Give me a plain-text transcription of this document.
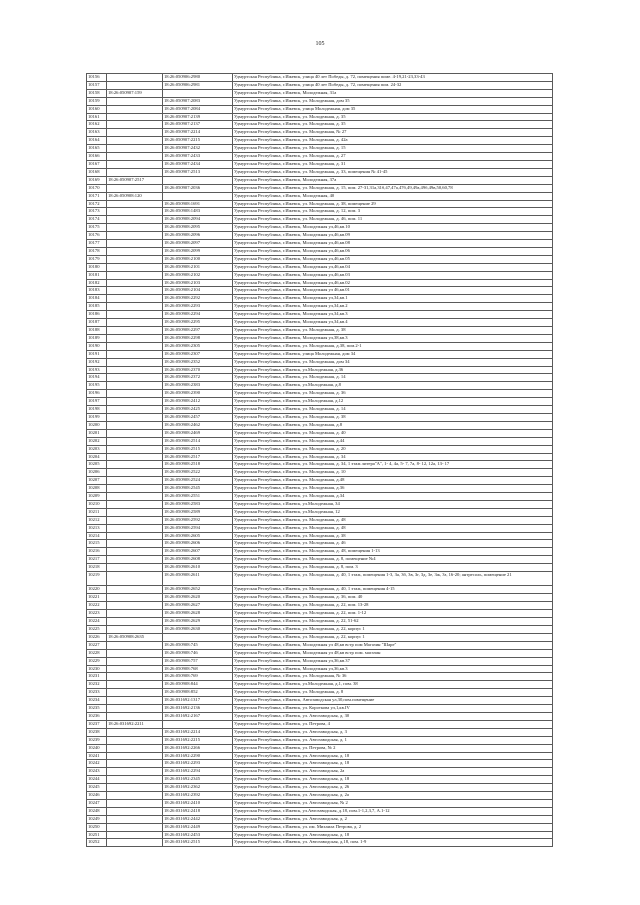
105
10156		18:26:050906:2980	Удмуртская Республика, г.Ижевск, улица 40 лет Победы, д. 72, помещения поме. 4-19,21-23,33-43
10157		18:26:050906:2981	Удмуртская Республика, г.Ижевск, улица 40 лет Победы, д. 72, помещения пом. 24-32
10158	18:26:050907:159		Удмуртская Республика, г.Ижевск, Молодежная, 31а
10159		18:26:050907:2083	Удмуртская Республика, г.Ижевск, ул. Молодежная, дом 35
10160		18:26:050907:2084	Удмуртская Республика, г.Ижевск, улица Молодежная, дом 35
10161		18:26:050907:2139	Удмуртская Республика, г.Ижевск, ул. Молодежная, д. 35
10162		18:26:050907:2137	Удмуртская Республика, г.Ижевск, ул. Молодежная, д. 35
10163		18:26:050907:2214	Удмуртская Республика, г.Ижевск, ул. Молодежная, № 27
10164		18:26:050907:2215	Удмуртская Республика, г.Ижевск, ул. Молодежная, д. 42а
10165		18:26:050907:2432	Удмуртская Республика, г.Ижевск, ул. Молодежная, д. 15
10166		18:26:050907:2433	Удмуртская Республика, г.Ижевск, ул. Молодежная, д. 27
10167		18:26:050907:2434	Удмуртская Республика, г.Ижевск, ул. Молодежная, д. 31
10168		18:26:050907:2513	Удмуртская Республика, г.Ижевск, ул. Молодежная, д. 33, помещения № 41-45
10169	18:26:050907:2517		Удмуртская Республика, г.Ижевск, Молодежная, 37а
10170		18:26:050907:2036	Удмуртская Республика, г.Ижевск, ул. Молодежная, д. 15, пом. 27-31,31а,31б,47,47а,47б,49,49а,49б,49в,50,60,78
10171	18:26:050908:120		Удмуртская Республика, г.Ижевск, Молодежная, 40
10172		18:26:050908:1691	Удмуртская Республика, г.Ижевск, ул. Молодежная, д. 38, помещение 29
10173		18:26:050908:1483	Удмуртская Республика, г.Ижевск, ул. Молодежная, д. 12, пом. 3
10174		18:26:050908:2094	Удмуртская Республика, г.Ижевск, ул. Молодежная, д. 46, пом. 11
10175		18:26:050908:2095	Удмуртская Республика, г.Ижевск, Молодежная ул,46,кв.10
10176		18:26:050908:2096	Удмуртская Республика, г.Ижевск, Молодежная ул,46,кв.09
10177		18:26:050908:2097	Удмуртская Республика, г.Ижевск, Молодежная ул,46,кв.08
10178		18:26:050908:2099	Удмуртская Республика, г.Ижевск, Молодежная ул,46,кв.06
10179		18:26:050908:2100	Удмуртская Республика, г.Ижевск, Молодежная ул,46,кв.05
10180		18:26:050908:2101	Удмуртская Республика, г.Ижевск, Молодежная ул,46,кв.04
10181		18:26:050908:2102	Удмуртская Республика, г.Ижевск, Молодежная ул,46,кв.03
10182		18:26:050908:2103	Удмуртская Республика, г.Ижевск, Молодежная ул,46,кв.02
10183		18:26:050908:2104	Удмуртская Республика, г.Ижевск, Молодежная ул 46,кв.01
10184		18:26:050908:2292	Удмуртская Республика, г.Ижевск, Молодежная ул,34,кв.1
10185		18:26:050908:2293	Удмуртская Республика, г.Ижевск, Молодежная ул,34,кв.2
10186		18:26:050908:2294	Удмуртская Республика, г.Ижевск, Молодежная ул,34,кв.3
10187		18:26:050908:2295	Удмуртская Республика, г.Ижевск, Молодежная ул,34,кв.4
10188		18:26:050908:2297	Удмуртская Республика, г.Ижевск, ул. Молодежная, д. 38
10189		18:26:050908:2298	Удмуртская Республика, г.Ижевск, Молодежная ул,38,кв.3
10190		18:26:050908:2305	Удмуртская Республика, г.Ижевск, ул. Молодежная, д.38, пом.2-1
10191		18:26:050908:2307	Удмуртская Республика, г.Ижевск, улица Молодежная, дом 34
10192		18:26:050908:2352	Удмуртская Республика, г.Ижевск, ул. Молодежная, дом 34
10193		18:26:050908:2370	Удмуртская Республика, г.Ижевск, ул.Молодежная, д.36
10194		18:26:050908:2372	Удмуртская Республика, г.Ижевск, ул. Молодежная, д. 14
10195		18:26:050908:2383	Удмуртская Республика, г.Ижевск, ул.Молодежная, д.8
10196		18:26:050908:2390	Удмуртская Республика, г.Ижевск, ул. Молодежная, д. 36
10197		18:26:050908:2412	Удмуртская Республика, г.Ижевск, ул.Молодежная, д.12
10198		18:26:050908:2425	Удмуртская Республика, г.Ижевск, ул. Молодежная, д. 14
10199		18:26:050908:2457	Удмуртская Республика, г.Ижевск, ул. Молодежная, д. 38
10200		18:26:050908:2462	Удмуртская Республика, г.Ижевск, ул. Молодежная, д.8
10201		18:26:050908:2469	Удмуртская Республика, г.Ижевск, ул. Молодежная, д. 40
10202		18:26:050908:2514	Удмуртская Республика, г.Ижевск, ул. Молодежная, д.44
10203		18:26:050908:2515	Удмуртская Республика, г.Ижевск, ул. Молодежная, д. 20
10204		18:26:050908:2517	Удмуртская Республика, г.Ижевск, ул. Молодежная, д. 34
10205		18:26:050908:2518	Удмуртская Республика, г.Ижевск, ул. Молодежная, д. 34, 1 этаж литера"А", 1- 4, 4а, 5- 7, 7а, 8- 12, 12а, 13- 17
10206		18:26:050908:2522	Удмуртская Республика, г.Ижевск, ул. Молодежная, д. 10
10207		18:26:050908:2524	Удмуртская Республика, г.Ижевск, ул. Молодежная, д.48
10208		18:26:050908:2545	Удмуртская Республика, г.Ижевск, ул. Молодежная, д.36
10209		18:26:050908:2551	Удмуртская Республика, г.Ижевск, ул. Молодежная, д.34
10210		18:26:050908:2583	Удмуртская Республика, г.Ижевск, ул.Молодежная, 34
10211		18:26:050908:2589	Удмуртская Республика, г.Ижевск, ул.Молодежная, 12
10212		18:26:050908:2592	Удмуртская Республика, г.Ижевск, ул. Молодежная, д. 48
10213		18:26:050908:2594	Удмуртская Республика, г.Ижевск, ул. Молодежная, д. 48
10214		18:26:050908:2605	Удмуртская Республика, г.Ижевск, ул. Молодежная, д. 38
10215		18:26:050908:2606	Удмуртская Республика, г.Ижевск, ул. Молодежная, д. 46
10216		18:26:050908:2607	Удмуртская Республика, г.Ижевск, ул. Молодежная, д. 48, помещения 1-13
10217		18:26:050908:2608	Удмуртская Республика, г.Ижевск, ул. Молодежная, д. 8, помещение №4
10218		18:26:050908:2610	Удмуртская Республика, г.Ижевск, ул. Молодежная, д. 8, пом. 3
10219		18:26:050908:2611	Удмуртская Республика, г.Ижевск, ул. Молодежная, д. 40, 1 этаж, помещения 1-3, 3а, 3б, 3в, 3г, 3д, 3е, 3ж, 3з, 16-20; антресоль, помещение 21
10220		18:26:050908:2652	Удмуртская Республика, г.Ижевск, ул. Молодежная, д. 40, 1 этаж, помещения 4-15
10221		18:26:050908:2620	Удмуртская Республика, г.Ижевск, ул. Молодежная, д. 36, пом. 40
10222		18:26:050908:2627	Удмуртская Республика, г.Ижевск, ул. Молодежная, д. 22, пом. 13-28
10223		18:26:050908:2628	Удмуртская Республика, г.Ижевск, ул. Молодежная, д. 22, пом. 1-12
10224		18:26:050908:2629	Удмуртская Республика, г.Ижевск, ул. Молодежная, д. 22, 51-62
10225		18:26:050908:2630	Удмуртская Республика, г.Ижевск, ул. Молодежная, д. 22, корпус 1
10226	18:26:050908:2635		Удмуртская Республика, г.Ижевск, ул. Молодежная, д. 22, корпус 1
10227		18:26:050908:745	Удмуртская Республика, г.Ижевск, Молодежная ул 48,кв встр пом Магазин "Шаре"
10228		18:26:050908:746	Удмуртская Республика, г.Ижевск, Молодежная ул 48,кв встр пом. магазин
10229		18:26:050908:757	Удмуртская Республика, г.Ижевск, Молодежная ул,36,кв.37
10230		18:26:050908:768	Удмуртская Республика, г.Ижевск, Молодежная ул,36,кв.3
10231		18:26:050908:769	Удмуртская Республика, г.Ижевск, ул. Молодежная, № 36
10232		18:26:050908:844	Удмуртская Республика, г.Ижевск, ул.Молодежная, д.1, пом. 38
10233		18:26:050908:852	Удмуртская Республика, г.Ижевск, ул. Молодежная, д. 8
10234		18:26:031692:1317	Удмуртская Республика, г.Ижевск, Автозаводская ул,30,пом.помещение
10235		18:26:031692:2136	Удмуртская Республика, г.Ижевск, ул. Короткова ул,1,кв.IV
10236		18:26:031692:2167	Удмуртская Республика, г.Ижевск, ул. Автозаводская, д. 30
10237	18:26:031692:2211		Удмуртская Республика, г.Ижевск, ул. Петрова, 4
10238		18:26:031692:2214	Удмуртская Республика, г.Ижевск, ул. Автозаводская, д. 3
10239		18:26:031692:2215	Удмуртская Республика, г.Ижевск, ул. Автозаводская, д. 1
10240		18:26:031692:2266	Удмуртская Республика, г.Ижевск, ул. Петрова, № 2
10241		18:26:031692:2290	Удмуртская Республика, г.Ижевск, ул. Автозаводская, д. 18
10242		18:26:031692:2293	Удмуртская Республика, г.Ижевск, ул. Автозаводская, д. 18
10243		18:26:031692:2294	Удмуртская Республика, г.Ижевск, ул. Автозаводская, 2а
10244		18:26:031692:2345	Удмуртская Республика, г.Ижевск, ул. Автозаводская, д. 18
10245		18:26:031692:2362	Удмуртская Республика, г.Ижевск, ул. Автозаводская, д. 26
10246		18:26:031692:2392	Удмуртская Республика, г.Ижевск, ул. Автозаводская, д. 2а
10247		18:26:031692:2410	Удмуртская Республика, г.Ижевск, ул. Автозаводская, № 2
10248		18:26:031692:2418	Удмуртская Республика, г.Ижевск, ул.Автозаводская, д.18, пом.1-1,2,3,7, А.1-12
10249		18:26:031692:2442	Удмуртская Республика, г.Ижевск, ул. Автозаводская, д. 2
10250		18:26:031692:2449	Удмуртская Республика, г.Ижевск, ул. им. Михаила Петрова, д. 2
10251		18:26:031692:2453	Удмуртская Республика, г.Ижевск, ул. Автозаводская, д. 18
10252		18:26:031692:2515	Удмуртская Республика, г.Ижевск, ул. Автозаводская, д.18, пом. 1-9
